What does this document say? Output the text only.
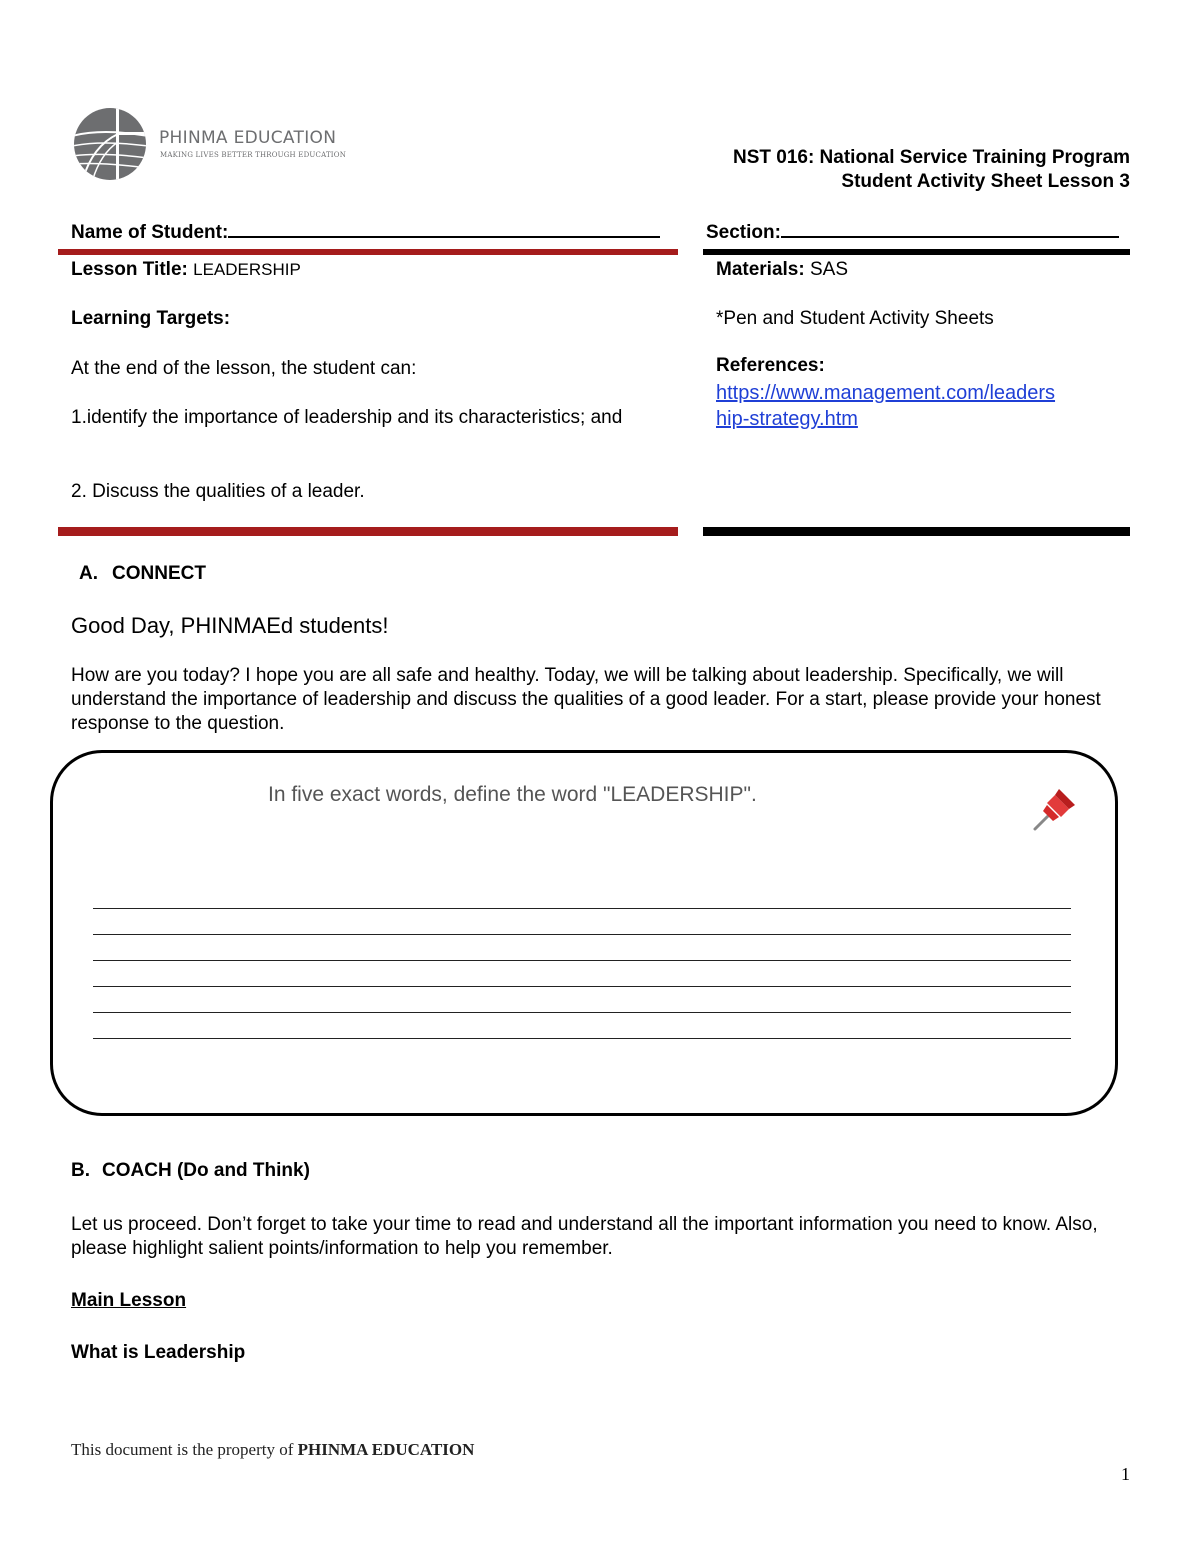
PHINMA EDUCATION
MAKING LIVES BETTER THROUGH EDUCATION	NST 016: National Service Training Program
Student Activity Sheet Lesson 3
Name of Student:	Section:
Lesson Title: LEADERSHIP
Learning Targets:
At the end of the lesson, the student can:
1.identify the importance of leadership and its characteristics; and
2. Discuss the qualities of a leader.
Materials: SAS
*Pen and Student Activity Sheets
References:
https://www.management.com/leaders
hip-strategy.htm
A. CONNECT
Good Day, PHINMAEd students!
How are you today? I hope you are all safe and healthy. Today, we will be talking about leadership. Specifically, we will understand the importance of leadership and discuss the qualities of a good leader. For a start, please provide your honest response to the question.
In five exact words, define the word "LEADERSHIP".
B. COACH (Do and Think)
Let us proceed. Don’t forget to take your time to read and understand all the important information you need to know. Also, please highlight salient points/information to help you remember.
Main Lesson
What is Leadership
This document is the property of PHINMA EDUCATION
1
